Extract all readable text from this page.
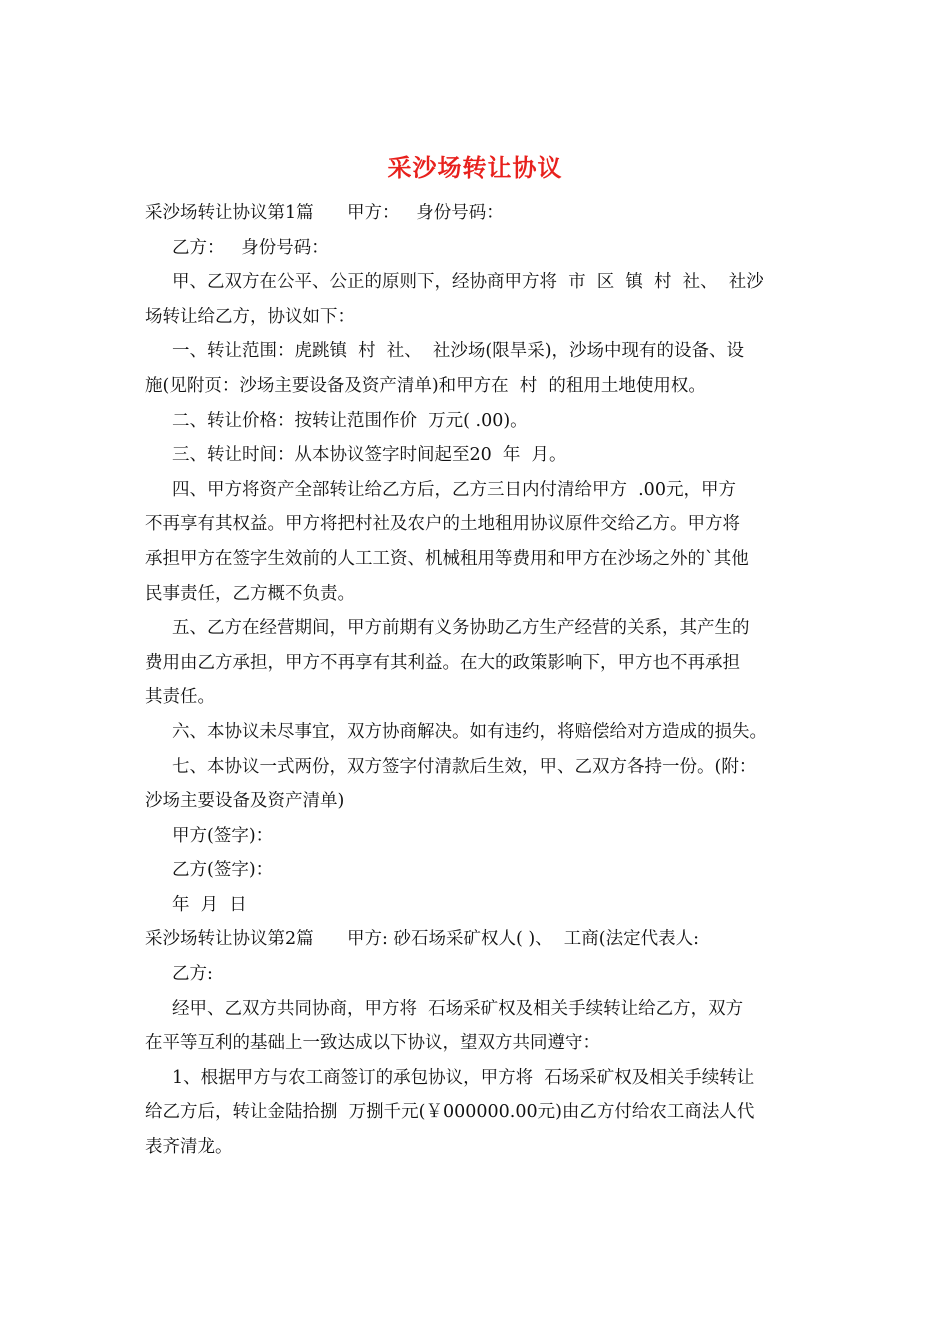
采沙场转让协议
采沙场转让协议第1篇      甲方：   身份号码：
乙方：   身份号码：
甲、乙双方在公平、公正的原则下，经协商甲方将  市  区  镇  村  社、  社沙
场转让给乙方，协议如下：
一、转让范围：虎跳镇  村  社、  社沙场(限旱采)，沙场中现有的设备、设
施(见附页：沙场主要设备及资产清单)和甲方在  村  的租用土地使用权。
二、转让价格：按转让范围作价  万元( .00)。
三、转让时间：从本协议签字时间起至20  年  月。
四、甲方将资产全部转让给乙方后，乙方三日内付清给甲方  .00元，甲方
不再享有其权益。甲方将把村社及农户的土地租用协议原件交给乙方。甲方将
承担甲方在签字生效前的人工工资、机械租用等费用和甲方在沙场之外的`其他
民事责任，乙方概不负责。
五、乙方在经营期间，甲方前期有义务协助乙方生产经营的关系，其产生的
费用由乙方承担，甲方不再享有其利益。在大的政策影响下，甲方也不再承担
其责任。
六、本协议未尽事宜，双方协商解决。如有违约，将赔偿给对方造成的损失。
七、本协议一式两份，双方签字付清款后生效，甲、乙双方各持一份。(附：
沙场主要设备及资产清单)
甲方(签字)：
乙方(签字)：
年  月  日
采沙场转让协议第2篇      甲方: 砂石场采矿权人( )、  工商(法定代表人:
乙方:
经甲、乙双方共同协商，甲方将  石场采矿权及相关手续转让给乙方，双方
在平等互利的基础上一致达成以下协议，望双方共同遵守：
1、根据甲方与农工商签订的承包协议，甲方将  石场采矿权及相关手续转让
给乙方后，转让金陆拾捌  万捌千元(￥000000.00元)由乙方付给农工商法人代
表齐清龙。
